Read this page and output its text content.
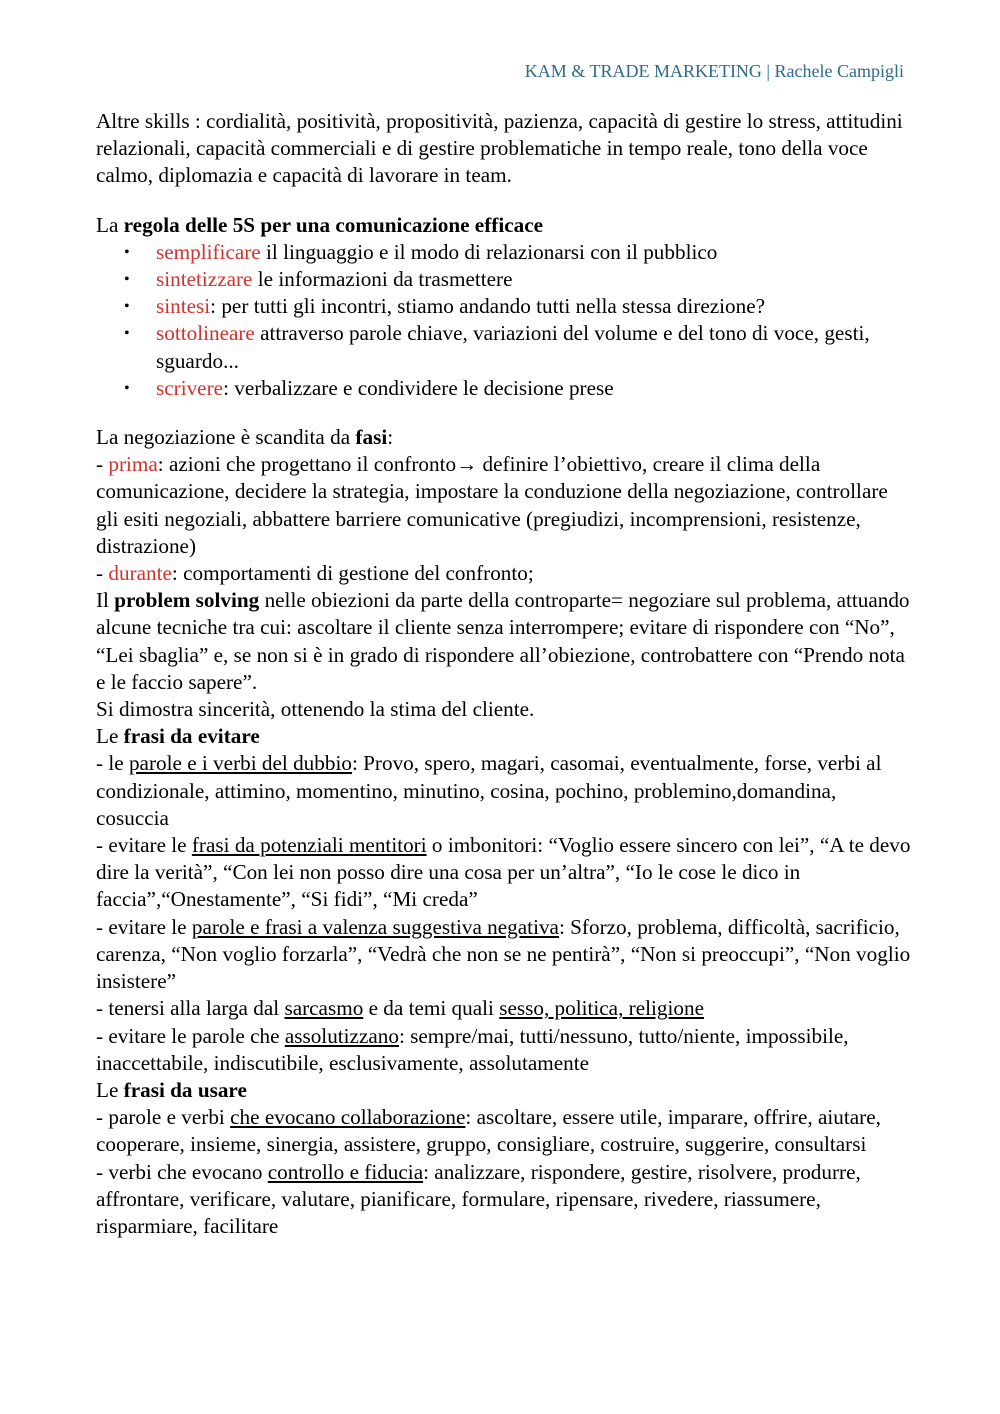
KAM & TRADE MARKETING | Rachele Campigli

Altre skills : cordialità, positività, propositività, pazienza, capacità di gestire lo stress, attitudini relazionali, capacità commerciali e di gestire problematiche in tempo reale, tono della voce calmo, diplomazia e capacità di lavorare in team.

La regola delle 5S per una comunicazione efficace

• semplificare il linguaggio e il modo di relazionarsi con il pubblico
• sintetizzare le informazioni da trasmettere
• sintesi: per tutti gli incontri, stiamo andando tutti nella stessa direzione?
• sottolineare attraverso parole chiave, variazioni del volume e del tono di voce, gesti, sguardo...
• scrivere: verbalizzare e condividere le decisione prese

La negoziazione è scandita da fasi:

- prima: azioni che progettano il confronto→ definire l’obiettivo, creare il clima della comunicazione, decidere la strategia, impostare la conduzione della negoziazione, controllare gli esiti negoziali, abbattere barriere comunicative (pregiudizi, incomprensioni, resistenze, distrazione)

- durante: comportamenti di gestione del confronto;

Il problem solving nelle obiezioni da parte della controparte= negoziare sul problema, attuando alcune tecniche tra cui: ascoltare il cliente senza interrompere; evitare di rispondere con “No”, “Lei sbaglia” e, se non si è in grado di rispondere all’obiezione, controbattere con “Prendo nota e le faccio sapere”.

Si dimostra sincerità, ottenendo la stima del cliente.

Le frasi da evitare

- le parole e i verbi del dubbio: Provo, spero, magari, casomai, eventualmente, forse, verbi al condizionale, attimino, momentino, minutino, cosina, pochino, problemino,domandina, cosuccia

- evitare le frasi da potenziali mentitori o imbonitori: “Voglio essere sincero con lei”, “A te devo dire la verità”, “Con lei non posso dire una cosa per un’altra”, “Io le cose le dico in faccia”,“Onestamente”, “Si fidi”, “Mi creda”

- evitare le parole e frasi a valenza suggestiva negativa: Sforzo, problema, difficoltà, sacrificio, carenza, “Non voglio forzarla”, “Vedrà che non se ne pentirà”, “Non si preoccupi”, “Non voglio insistere”

- tenersi alla larga dal sarcasmo e da temi quali sesso, politica, religione

- evitare le parole che assolutizzano: sempre/mai, tutti/nessuno, tutto/niente, impossibile, inaccettabile, indiscutibile, esclusivamente, assolutamente

Le frasi da usare

- parole e verbi che evocano collaborazione: ascoltare, essere utile, imparare, offrire, aiutare, cooperare, insieme, sinergia, assistere, gruppo, consigliare, costruire, suggerire, consultarsi

- verbi che evocano controllo e fiducia: analizzare, rispondere, gestire, risolvere, produrre, affrontare, verificare, valutare, pianificare, formulare, ripensare, rivedere, riassumere, risparmiare, facilitare
